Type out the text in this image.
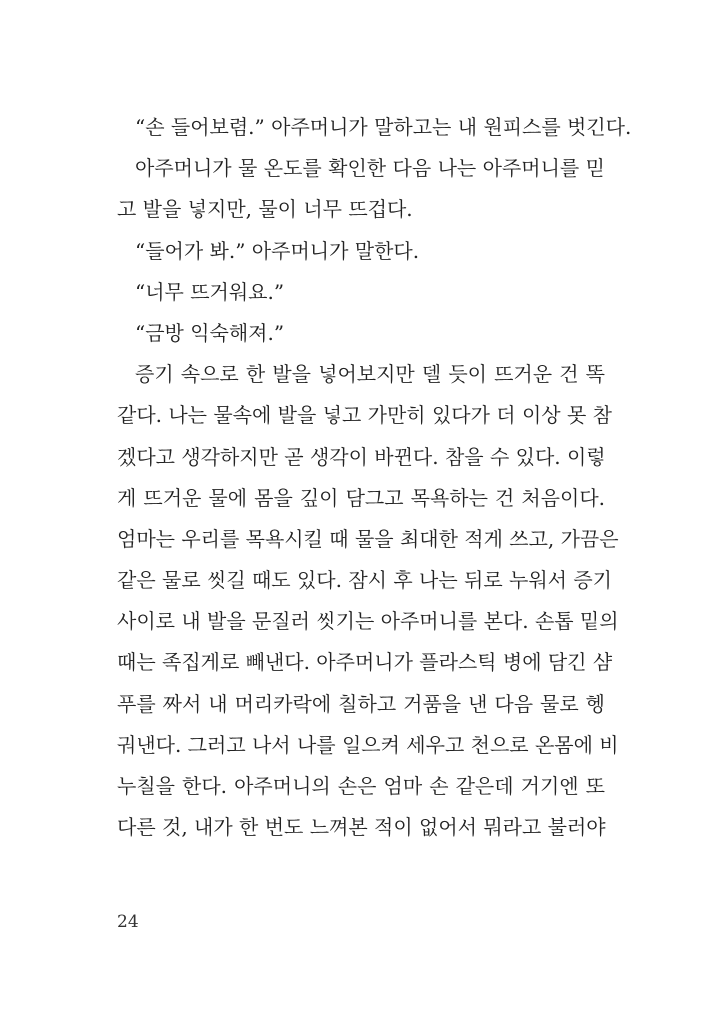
“손 들어보렴.” 아주머니가 말하고는 내 원피스를 벗긴다.
아주머니가 물 온도를 확인한 다음 나는 아주머니를 믿
고 발을 넣지만, 물이 너무 뜨겁다.
“들어가 봐.” 아주머니가 말한다.
“너무 뜨거워요.”
“금방 익숙해져.”
증기 속으로 한 발을 넣어보지만 델 듯이 뜨거운 건 똑
같다. 나는 물속에 발을 넣고 가만히 있다가 더 이상 못 참
겠다고 생각하지만 곧 생각이 바뀐다. 참을 수 있다. 이렇
게 뜨거운 물에 몸을 깊이 담그고 목욕하는 건 처음이다.
엄마는 우리를 목욕시킬 때 물을 최대한 적게 쓰고, 가끔은
같은 물로 씻길 때도 있다. 잠시 후 나는 뒤로 누워서 증기
사이로 내 발을 문질러 씻기는 아주머니를 본다. 손톱 밑의
때는 족집게로 빼낸다. 아주머니가 플라스틱 병에 담긴 샴
푸를 짜서 내 머리카락에 칠하고 거품을 낸 다음 물로 헹
궈낸다. 그러고 나서 나를 일으켜 세우고 천으로 온몸에 비
누칠을 한다. 아주머니의 손은 엄마 손 같은데 거기엔 또
다른 것, 내가 한 번도 느껴본 적이 없어서 뭐라고 불러야
24
